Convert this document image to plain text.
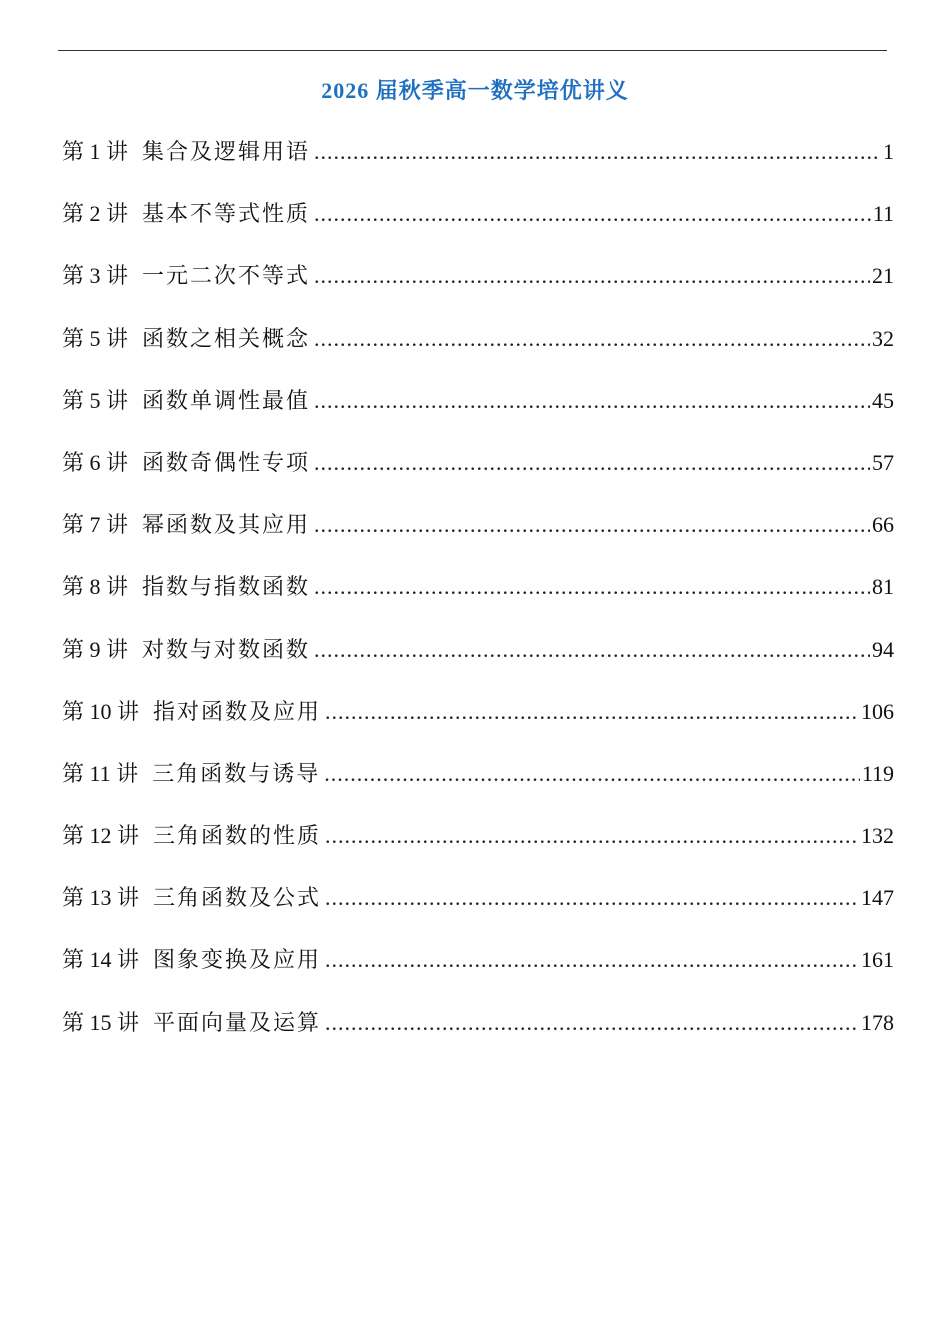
2026 届秋季高一数学培优讲义
第 1 讲 集合及逻辑用语 .....	1
第 2 讲 基本不等式性质 .....	11
第 3 讲 一元二次不等式 .....	21
第 5 讲 函数之相关概念 .....	32
第 5 讲 函数单调性最值 .....	45
第 6 讲 函数奇偶性专项 .....	57
第 7 讲 幂函数及其应用 .....	66
第 8 讲 指数与指数函数 .....	81
第 9 讲 对数与对数函数 .....	94
第 10 讲 指对函数及应用 .....	106
第 11 讲 三角函数与诱导 .....	119
第 12 讲 三角函数的性质 .....	132
第 13 讲 三角函数及公式 .....	147
第 14 讲 图象变换及应用 .....	161
第 15 讲 平面向量及运算 .....	178
